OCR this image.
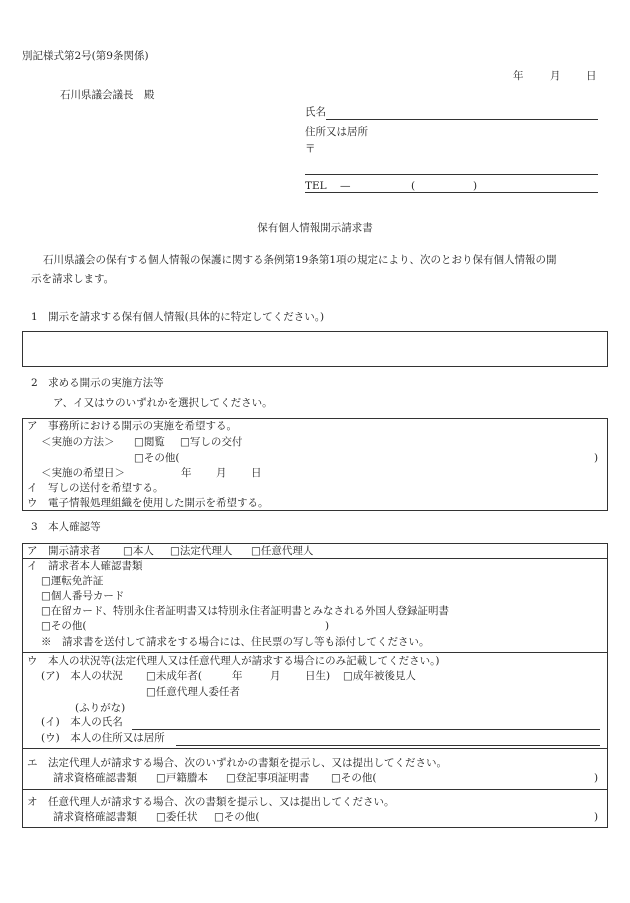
別記様式第2号(第9条関係)
年	月 日
石川県議会議長　殿
氏名
住所又は居所
〒
TEL —	(	)
保有個人情報開示請求書
石川県議会の保有する個人情報の保護に関する条例第19条第1項の規定により、次のとおり保有個人情報の開
示を請求します。
1　開示を請求する保有個人情報(具体的に特定してください。)
2　求める開示の実施方法等
ア、イ又はウのいずれかを選択してください。
ア　事務所における開示の実施を希望する。
＜実施の方法＞ □閲覧 □写しの交付
□その他(	)
＜実施の希望日＞	年 月 日
イ　写しの送付を希望する。
ウ　電子情報処理組織を使用した開示を希望する。
3　本人確認等
ア　開示請求者 □本人 □法定代理人 □任意代理人
イ　請求者本人確認書類
□運転免許証
□個人番号カード
□在留カード、特別永住者証明書又は特別永住者証明書とみなされる外国人登録証明書
□その他(	)
※　請求書を送付して請求をする場合には、住民票の写し等も添付してください。
ウ　本人の状況等(法定代理人又は任意代理人が請求する場合にのみ記載してください。)
(ア)　本人の状況 □未成年者(	年	月 日生) □成年被後見人
□任意代理人委任者
(ふりがな)
(イ)　本人の氏名
(ウ)　本人の住所又は居所
エ　法定代理人が請求する場合、次のいずれかの書類を提示し、又は提出してください。
請求資格確認書類 □戸籍謄本 □登記事項証明書 □その他(	)
オ　任意代理人が請求する場合、次の書類を提示し、又は提出してください。
請求資格確認書類 □委任状 □その他(	)
